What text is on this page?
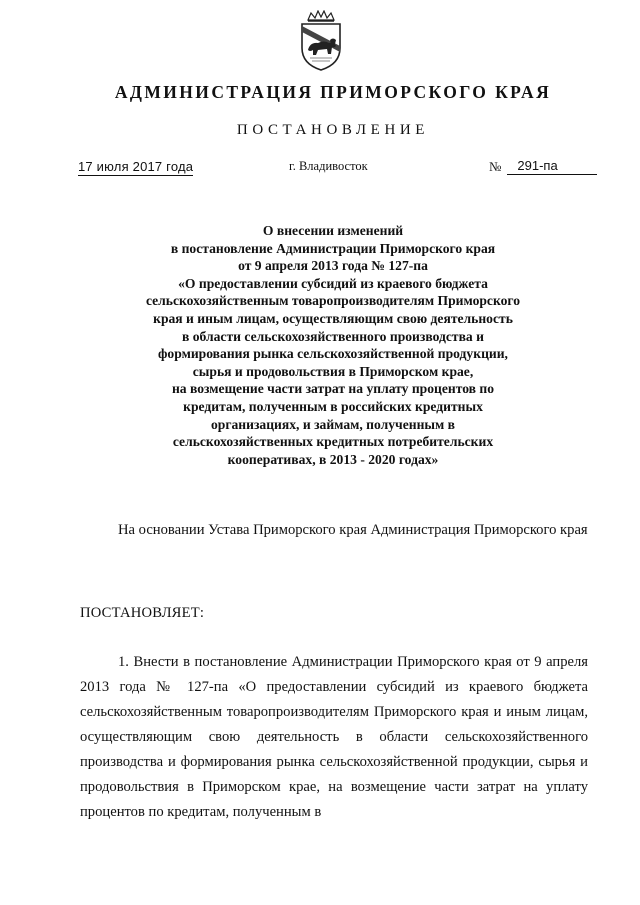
АДМИНИСТРАЦИЯ ПРИМОРСКОГО КРАЯ
ПОСТАНОВЛЕНИЕ
17 июля 2017 года	г. Владивосток	№	291-па
О внесении изменений
в постановление Администрации Приморского края
от 9 апреля 2013 года № 127-па
«О предоставлении субсидий из краевого бюджета
сельскохозяйственным товаропроизводителям Приморского
края и иным лицам, осуществляющим свою деятельность
в области сельскохозяйственного производства и
формирования рынка сельскохозяйственной продукции,
сырья и продовольствия в Приморском крае,
на возмещение части затрат на уплату процентов по
кредитам, полученным в российских кредитных
организациях, и займам, полученным в
сельскохозяйственных кредитных потребительских
кооперативах, в 2013 - 2020 годах»
На основании Устава Приморского края Администрация Приморского края
ПОСТАНОВЛЯЕТ:
1. Внести в постановление Администрации Приморского края от 9 апреля 2013 года № 127-па «О предоставлении субсидий из краевого бюджета сельскохозяйственным товаропроизводителям Приморского края и иным лицам, осуществляющим свою деятельность в области сельскохозяйственного производства и формирования рынка сельскохозяйственной продукции, сырья и продовольствия в Приморском крае, на возмещение части затрат на уплату процентов по кредитам, полученным в
